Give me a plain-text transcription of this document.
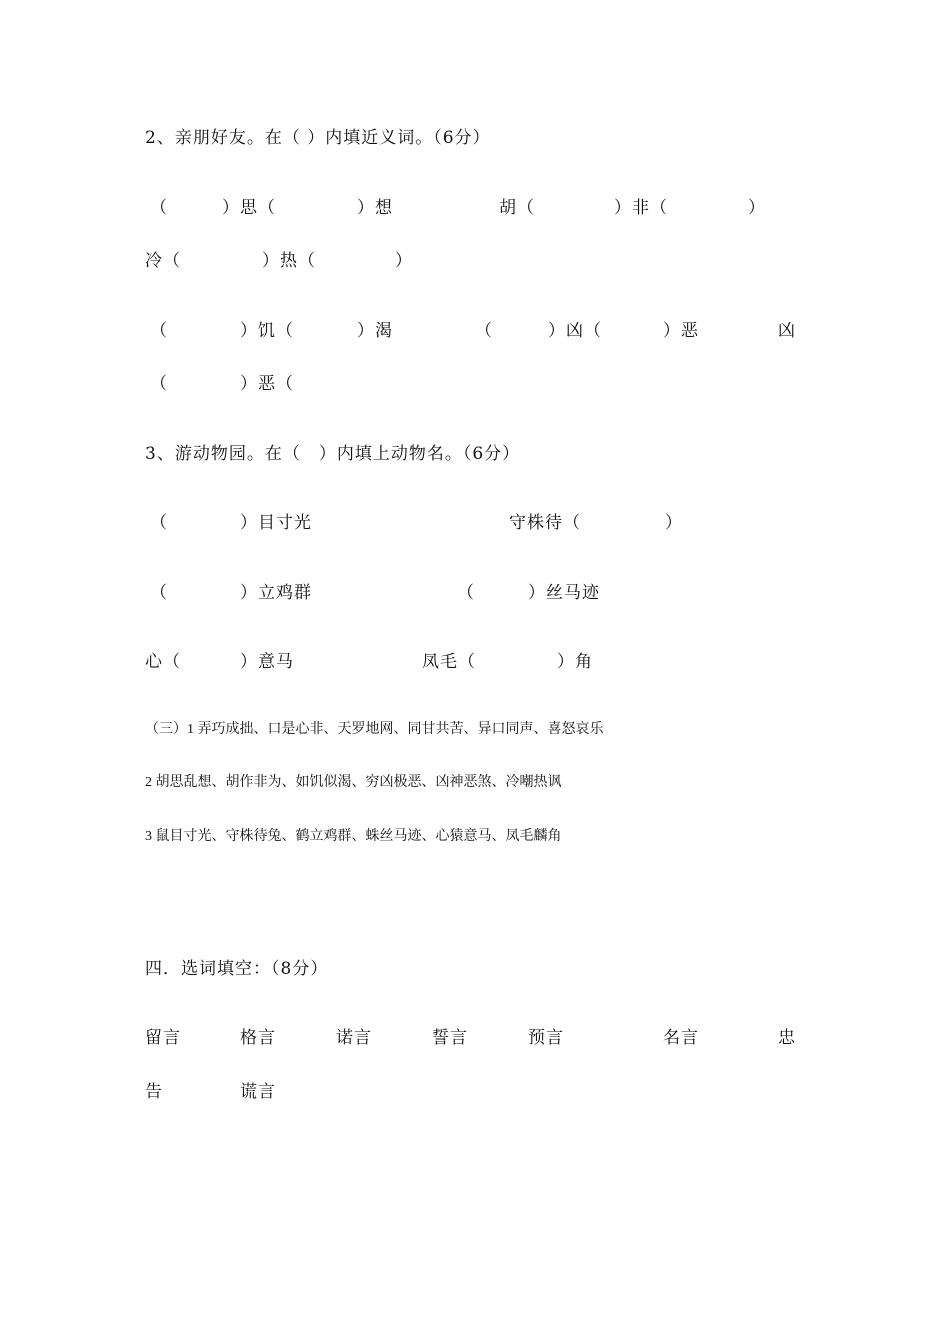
2、亲朋好友。在（ ）内填近义词。（6分）
（	）思（	）想	胡（	）非（	）
冷（	）热（	）
（	）饥（	）渴	（	）凶（	）恶	凶
（	）恶（
3、游动物园。在（　）内填上动物名。（6分）
（	）目寸光	守株待（	）
（	）立鸡群	（	）丝马迹
心（	）意马	凤毛（	）角
（三）1 弄巧成拙、口是心非、天罗地网、同甘共苦、异口同声、喜怒哀乐
2 胡思乱想、胡作非为、如饥似渴、穷凶极恶、凶神恶煞、冷嘲热讽
3 鼠目寸光、守株待兔、鹤立鸡群、蛛丝马迹、心猿意马、凤毛麟角
四．选词填空：（8分）
留言	格言	诺言	誓言	预言	名言	忠
告	谎言
